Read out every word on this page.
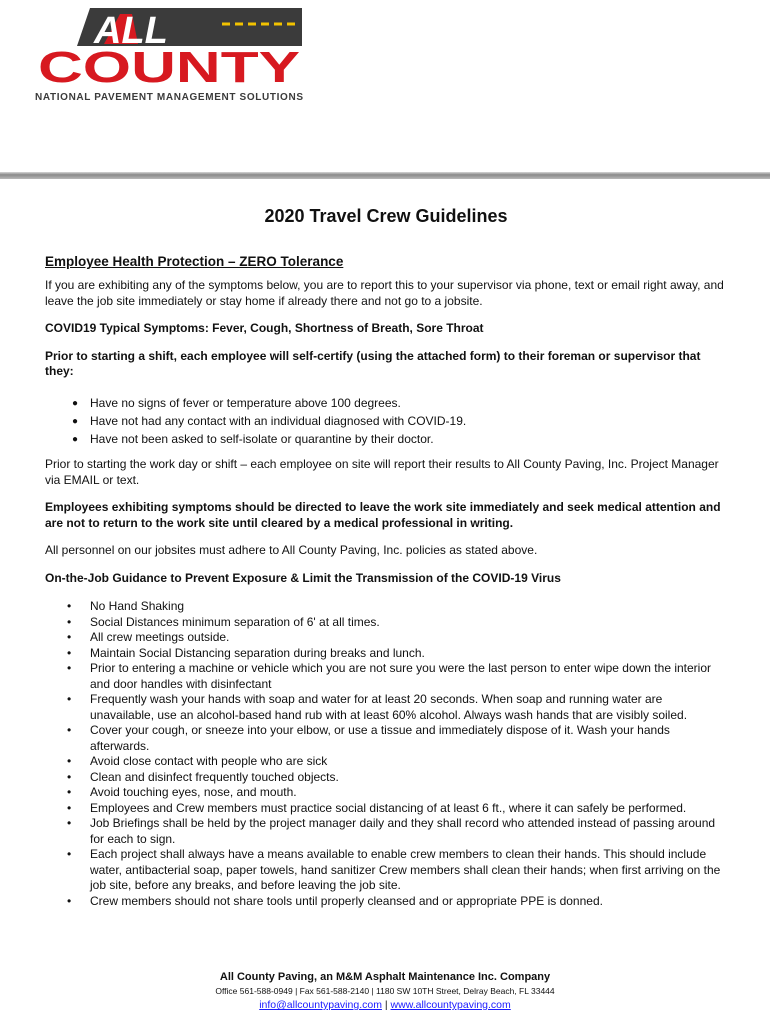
ALL
COUNTY
NATIONAL PAVEMENT MANAGEMENT SOLUTIONS
2020 Travel Crew Guidelines
Employee Health Protection – ZERO Tolerance

If you are exhibiting any of the symptoms below, you are to report this to your supervisor via phone, text or email right away, and leave the job site immediately or stay home if already there and not go to a jobsite.

COVID19 Typical Symptoms: Fever, Cough, Shortness of Breath, Sore Throat

Prior to starting a shift, each employee will self-certify (using the attached form) to their foreman or supervisor that they:

● Have no signs of fever or temperature above 100 degrees.
● Have not had any contact with an individual diagnosed with COVID-19.
● Have not been asked to self-isolate or quarantine by their doctor.

Prior to starting the work day or shift – each employee on site will report their results to All County Paving, Inc. Project Manager via EMAIL or text.

Employees exhibiting symptoms should be directed to leave the work site immediately and seek medical attention and are not to return to the work site until cleared by a medical professional in writing.

All personnel on our jobsites must adhere to All County Paving, Inc. policies as stated above.

On-the-Job Guidance to Prevent Exposure & Limit the Transmission of the COVID-19 Virus

• No Hand Shaking
• Social Distances minimum separation of 6' at all times.
• All crew meetings outside.
• Maintain Social Distancing separation during breaks and lunch.
• Prior to entering a machine or vehicle which you are not sure you were the last person to enter wipe down the interior and door handles with disinfectant
• Frequently wash your hands with soap and water for at least 20 seconds. When soap and running water are unavailable, use an alcohol-based hand rub with at least 60% alcohol. Always wash hands that are visibly soiled.
• Cover your cough, or sneeze into your elbow, or use a tissue and immediately dispose of it. Wash your hands afterwards.
• Avoid close contact with people who are sick
• Clean and disinfect frequently touched objects.
• Avoid touching eyes, nose, and mouth.
• Employees and Crew members must practice social distancing of at least 6 ft., where it can safely be performed.
• Job Briefings shall be held by the project manager daily and they shall record who attended instead of passing around for each to sign.
• Each project shall always have a means available to enable crew members to clean their hands. This should include water, antibacterial soap, paper towels, hand sanitizer Crew members shall clean their hands; when first arriving on the job site, before any breaks, and before leaving the job site.
• Crew members should not share tools until properly cleansed and or appropriate PPE is donned.
All County Paving, an M&M Asphalt Maintenance Inc. Company
Office 561-588-0949 | Fax 561-588-2140 | 1180 SW 10TH Street, Delray Beach, FL 33444
info@allcountypaving.com | www.allcountypaving.com
